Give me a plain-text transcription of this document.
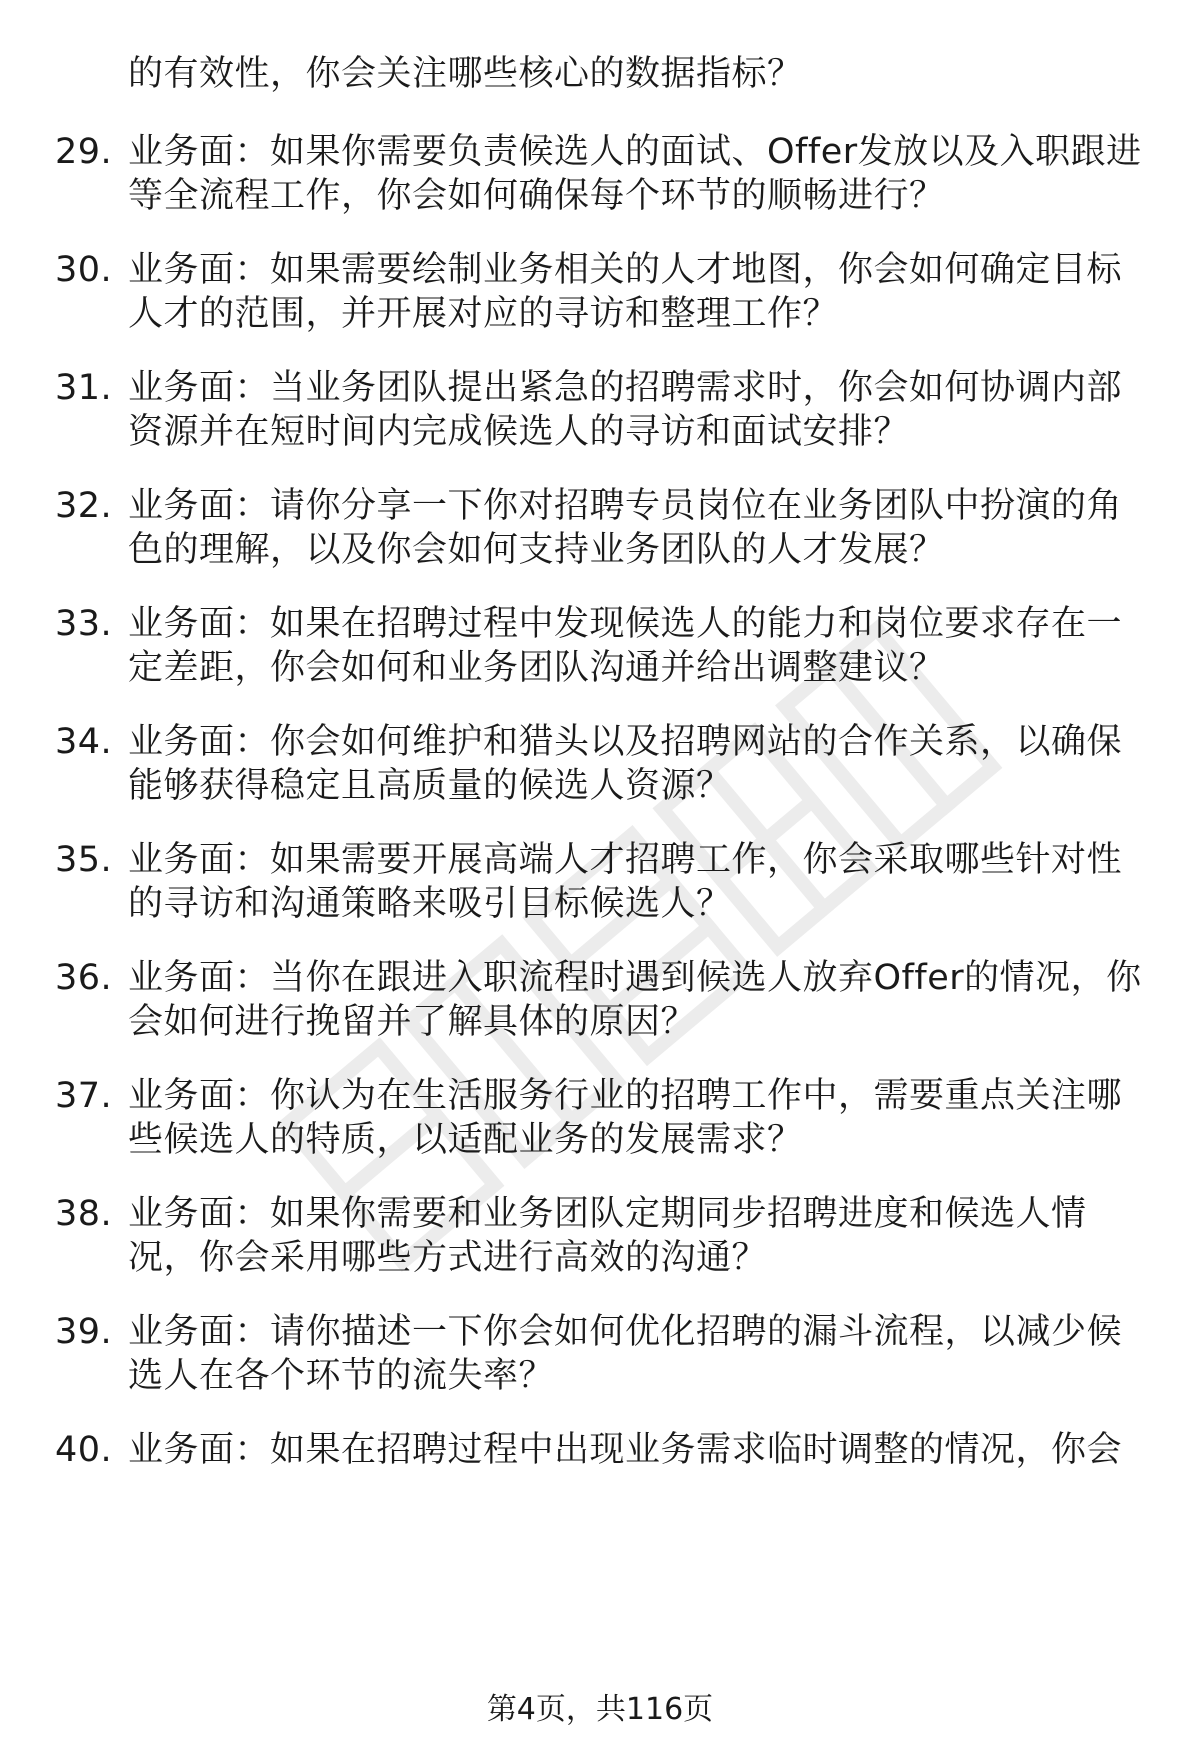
的有效性，你会关注哪些核心的数据指标？
29. 业务面：如果你需要负责候选人的面试、Offer发放以及入职跟进
等全流程工作，你会如何确保每个环节的顺畅进行？
30. 业务面：如果需要绘制业务相关的人才地图，你会如何确定目标
人才的范围，并开展对应的寻访和整理工作？
31. 业务面：当业务团队提出紧急的招聘需求时，你会如何协调内部
资源并在短时间内完成候选人的寻访和面试安排？
32. 业务面：请你分享一下你对招聘专员岗位在业务团队中扮演的角
色的理解，以及你会如何支持业务团队的人才发展？
33. 业务面：如果在招聘过程中发现候选人的能力和岗位要求存在一
定差距，你会如何和业务团队沟通并给出调整建议？
34. 业务面：你会如何维护和猎头以及招聘网站的合作关系，以确保
能够获得稳定且高质量的候选人资源？
35. 业务面：如果需要开展高端人才招聘工作，你会采取哪些针对性
的寻访和沟通策略来吸引目标候选人？
36. 业务面：当你在跟进入职流程时遇到候选人放弃Offer的情况，你
会如何进行挽留并了解具体的原因？
37. 业务面：你认为在生活服务行业的招聘工作中，需要重点关注哪
些候选人的特质，以适配业务的发展需求？
38. 业务面：如果你需要和业务团队定期同步招聘进度和候选人情
况，你会采用哪些方式进行高效的沟通？
39. 业务面：请你描述一下你会如何优化招聘的漏斗流程，以减少候
选人在各个环节的流失率？
40. 业务面：如果在招聘过程中出现业务需求临时调整的情况，你会
第4页，共116页
